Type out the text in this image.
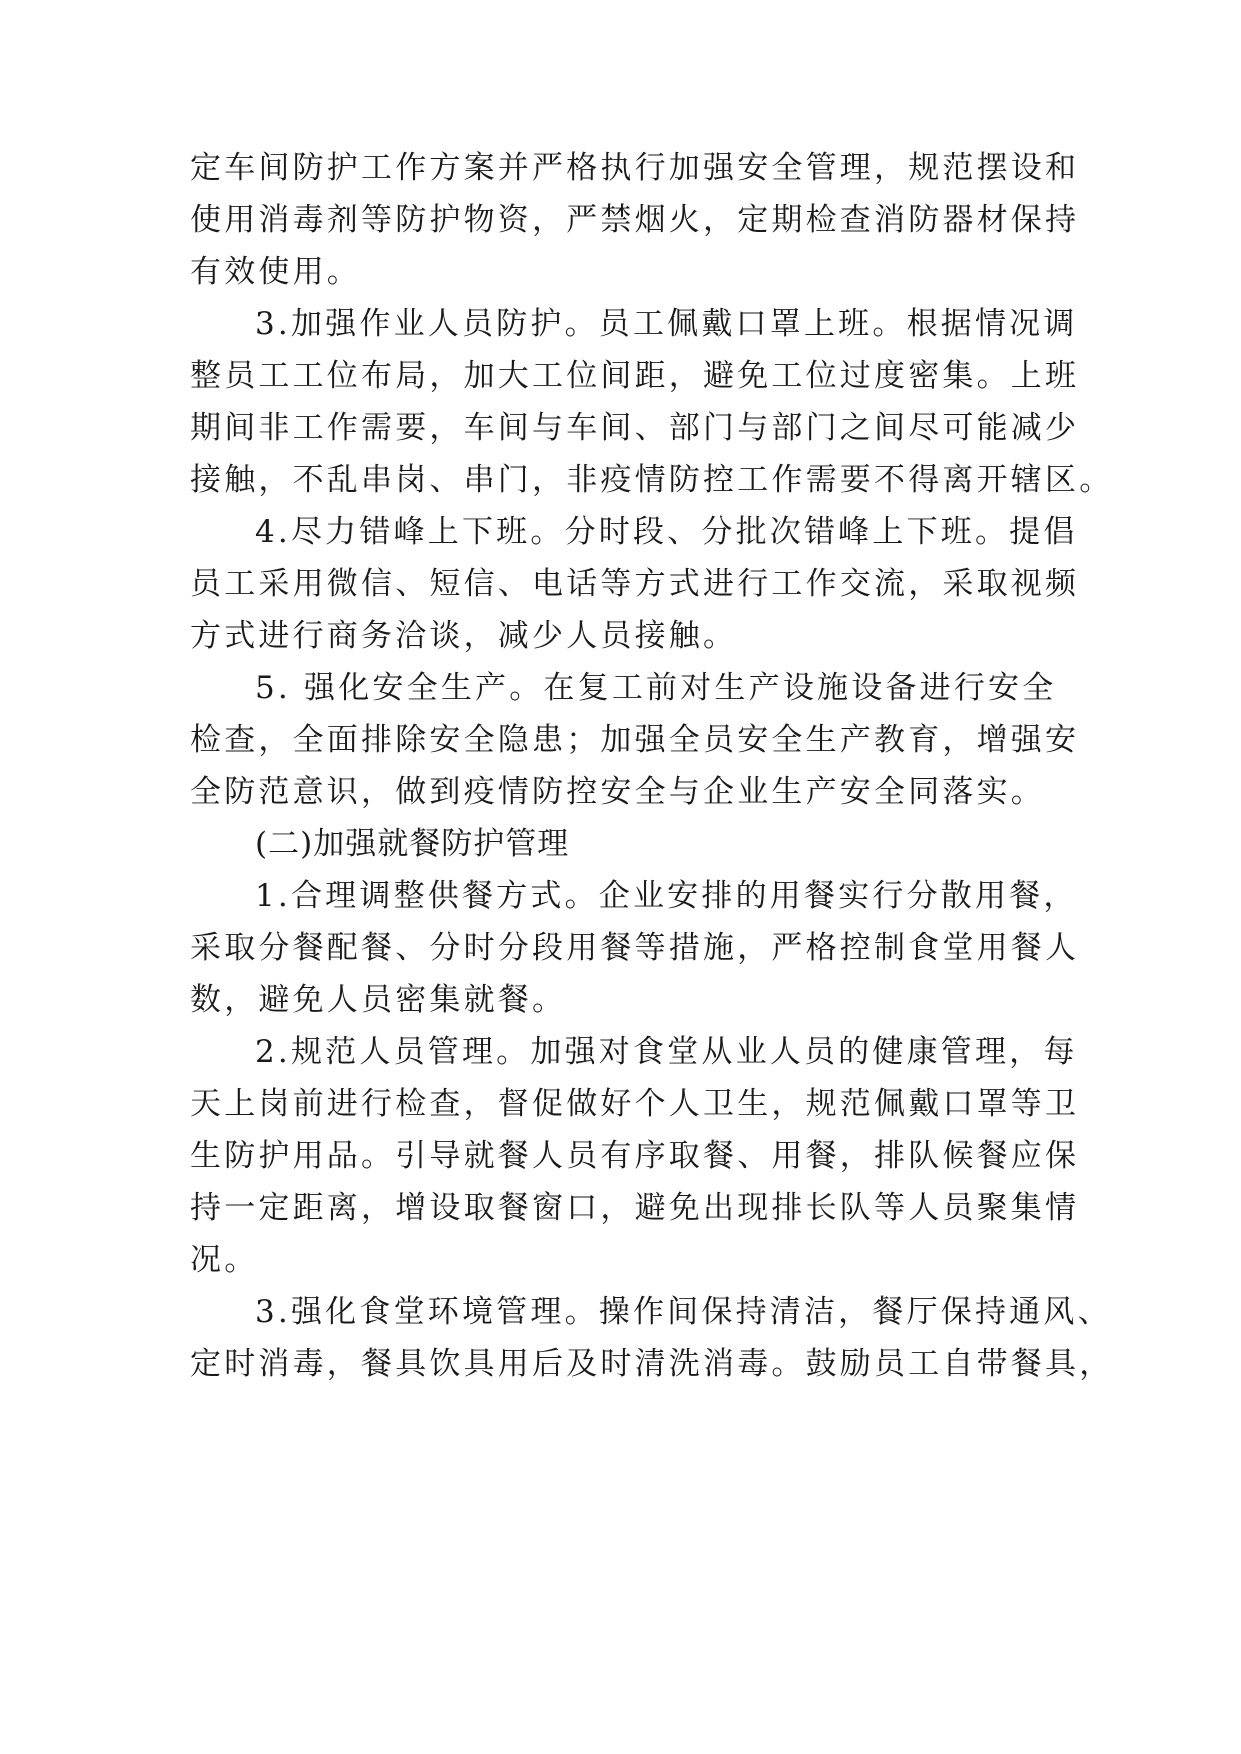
定车间防护工作方案并严格执行加强安全管理，规范摆设和
使用消毒剂等防护物资，严禁烟火，定期检查消防器材保持
有效使用。
3.加强作业人员防护。员工佩戴口罩上班。根据情况调
整员工工位布局，加大工位间距，避免工位过度密集。上班
期间非工作需要，车间与车间、部门与部门之间尽可能减少
接触，不乱串岗、串门，非疫情防控工作需要不得离开辖区。
4.尽力错峰上下班。分时段、分批次错峰上下班。提倡
员工采用微信、短信、电话等方式进行工作交流，采取视频
方式进行商务洽谈，减少人员接触。
5. 强化安全生产。在复工前对生产设施设备进行安全
检查，全面排除安全隐患；加强全员安全生产教育，增强安
全防范意识，做到疫情防控安全与企业生产安全同落实。
(二)加强就餐防护管理
1.合理调整供餐方式。企业安排的用餐实行分散用餐，
采取分餐配餐、分时分段用餐等措施，严格控制食堂用餐人
数，避免人员密集就餐。
2.规范人员管理。加强对食堂从业人员的健康管理，每
天上岗前进行检查，督促做好个人卫生，规范佩戴口罩等卫
生防护用品。引导就餐人员有序取餐、用餐，排队候餐应保
持一定距离，增设取餐窗口，避免出现排长队等人员聚集情
况。
3.强化食堂环境管理。操作间保持清洁，餐厅保持通风、
定时消毒，餐具饮具用后及时清洗消毒。鼓励员工自带餐具，
